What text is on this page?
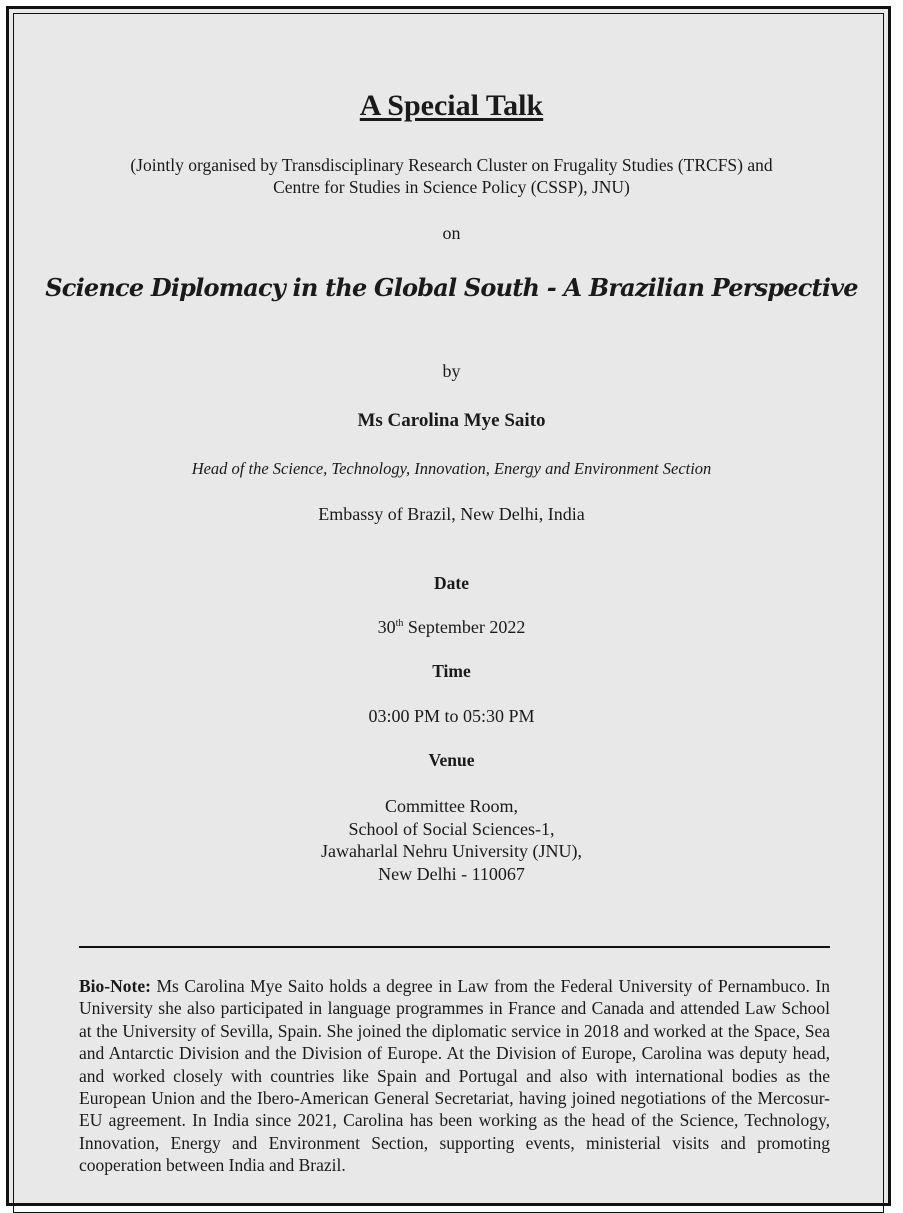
A Special Talk
(Jointly organised by Transdisciplinary Research Cluster on Frugality Studies (TRCFS) and
Centre for Studies in Science Policy (CSSP), JNU)
on
Science Diplomacy in the Global South - A Brazilian Perspective
by
Ms Carolina Mye Saito
Head of the Science, Technology, Innovation, Energy and Environment Section
Embassy of Brazil, New Delhi, India
Date
30th September 2022
Time
03:00 PM to 05:30 PM
Venue
Committee Room,
School of Social Sciences-1,
Jawaharlal Nehru University (JNU),
New Delhi - 110067
Bio-Note: Ms Carolina Mye Saito holds a degree in Law from the Federal University of Pernambuco. In University she also participated in language programmes in France and Canada and attended Law School at the University of Sevilla, Spain. She joined the diplomatic service in 2018 and worked at the Space, Sea and Antarctic Division and the Division of Europe. At the Division of Europe, Carolina was deputy head, and worked closely with countries like Spain and Portugal and also with international bodies as the European Union and the Ibero-American General Secretariat, having joined negotiations of the Mercosur-EU agreement. In India since 2021, Carolina has been working as the head of the Science, Technology, Innovation, Energy and Environment Section, supporting events, ministerial visits and promoting cooperation between India and Brazil.
